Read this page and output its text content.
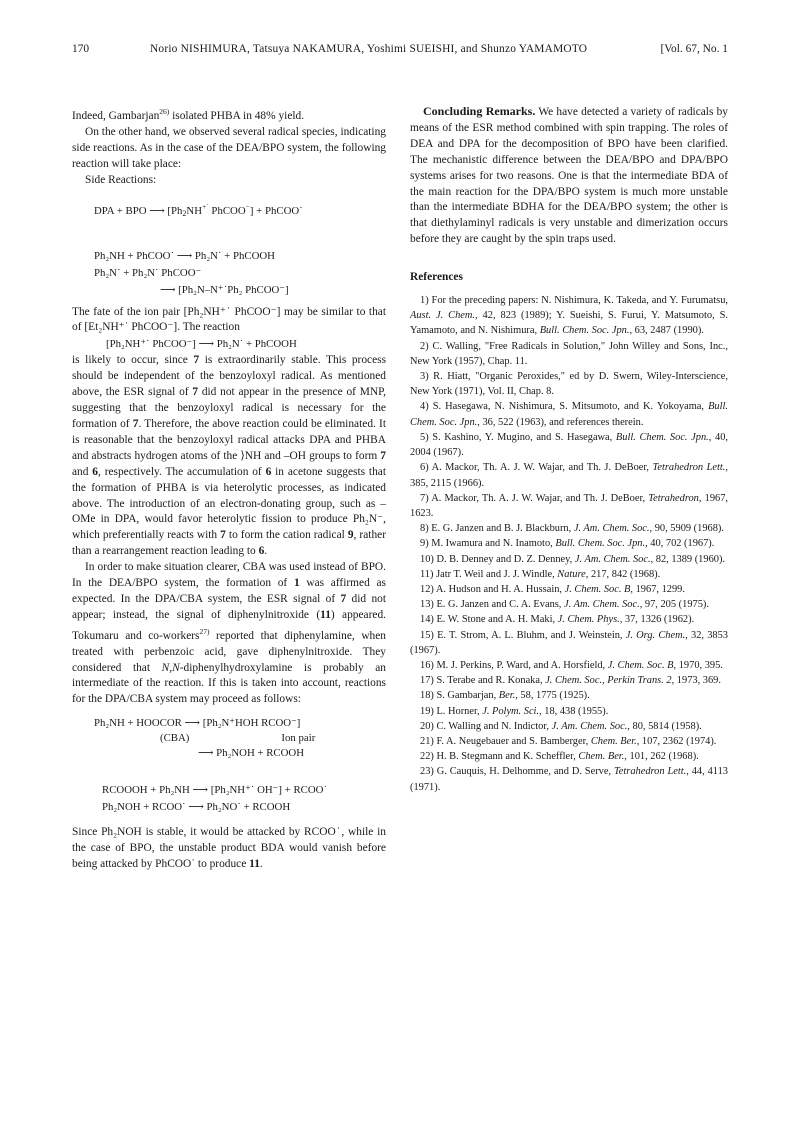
170	Norio NISHIMURA, Tatsuya NAKAMURA, Yoshimi SUEISHI, and Shunzo YAMAMOTO	[Vol. 67, No. 1
Indeed, Gambarjan$^{26)}$ isolated PHBA in 48% yield.
On the other hand, we observed several radical species, indicating side reactions. As in the case of the DEA/BPO system, the following reaction will take place:
Side Reactions:
DPA + BPO ⟶ [$Ph_2NH^{+˙}$ PhCOO−] + PhCOO˙
Ph₂NH + PhCOO˙ ⟶ Ph₂N˙ + PhCOOH
Ph₂N˙ + Ph₂N˙ PhCOO⁻
⟶ [Ph₂N–N⁺˙Ph₂ PhCOO⁻]
The fate of the ion pair [Ph₂NH⁺˙ PhCOO⁻] may be similar to that of [Et₂NH⁺˙ PhCOO⁻]. The reaction
[Ph₂NH⁺˙ PhCOO⁻] ⟶ Ph₂N˙ + PhCOOH
is likely to occur, since 7 is extraordinarily stable. This process should be independent of the benzoyloxyl radical. As mentioned above, the ESR signal of 7 did not appear in the presence of MNP, suggesting that the benzoyloxyl radical is necessary for the formation of 7. Therefore, the above reaction could be eliminated. It is reasonable that the benzoyloxyl radical attacks DPA and PHBA and abstracts hydrogen atoms of the ⟩NH and –OH groups to form 7 and 6, respectively. The accumulation of 6 in acetone suggests that the formation of PHBA is via heterolytic processes, as indicated above. The introduction of an electron-donating group, such as –OMe in DPA, would favor heterolytic fission to produce Ph₂N⁻, which preferentially reacts with 7 to form the cation radical 9, rather than a rearrangement reaction leading to 6.
In order to make situation clearer, CBA was used instead of BPO. In the DEA/BPO system, the formation of 1 was affirmed as expected. In the DPA/CBA system, the ESR signal of 7 did not appear; instead, the signal of diphenylnitroxide (11) appeared. Tokumaru and co-workers$^{27)}$ reported that diphenylamine, when treated with perbenzoic acid, gave diphenylnitroxide. They considered that N,N-diphenylhydroxylamine is probably an intermediate of the reaction. If this is taken into account, reactions for the DPA/CBA system may proceed as follows:
Ph₂NH + HOOCOR ⟶ [Ph₂N⁺HOH RCOO⁻]
(CBA)	Ion pair
⟶ Ph₂NOH + RCOOH
RCOOOH + Ph₂NH ⟶ [Ph₂NH⁺˙ OH⁻] + RCOO˙
Ph₂NOH + RCOO˙ ⟶ Ph₂NO˙ + RCOOH
Since Ph₂NOH is stable, it would be attacked by RCOO˙, while in the case of BPO, the unstable product BDA would vanish before being attacked by PhCOO˙ to produce 11.
Concluding Remarks. We have detected a variety of radicals by means of the ESR method combined with spin trapping. The roles of DEA and DPA for the decomposition of BPO have been clarified. The mechanistic difference between the DEA/BPO and DPA/BPO systems arises for two reasons. One is that the intermediate BDA of the main reaction for the DPA/BPO system is much more unstable than the intermediate BDHA for the DEA/BPO system; the other is that diethylaminyl radicals is very unstable and dimerization occurs before they are caught by the spin traps used.
References
1) For the preceding papers: N. Nishimura, K. Takeda, and Y. Furumatsu, Aust. J. Chem., 42, 823 (1989); Y. Sueishi, S. Furui, Y. Matsumoto, S. Yamamoto, and N. Nishimura, Bull. Chem. Soc. Jpn., 63, 2487 (1990).
2) C. Walling, "Free Radicals in Solution," John Willey and Sons, Inc., New York (1957), Chap. 11.
3) R. Hiatt, "Organic Peroxides," ed by D. Swern, Wiley-Interscience, New York (1971), Vol. II, Chap. 8.
4) S. Hasegawa, N. Nishimura, S. Mitsumoto, and K. Yokoyama, Bull. Chem. Soc. Jpn., 36, 522 (1963), and references therein.
5) S. Kashino, Y. Mugino, and S. Hasegawa, Bull. Chem. Soc. Jpn., 40, 2004 (1967).
6) A. Mackor, Th. A. J. W. Wajar, and Th. J. DeBoer, Tetrahedron Lett., 385, 2115 (1966).
7) A. Mackor, Th. A. J. W. Wajar, and Th. J. DeBoer, Tetrahedron, 1967, 1623.
8) E. G. Janzen and B. J. Blackburn, J. Am. Chem. Soc., 90, 5909 (1968).
9) M. Iwamura and N. Inamoto, Bull. Chem. Soc. Jpn., 40, 702 (1967).
10) D. B. Denney and D. Z. Denney, J. Am. Chem. Soc., 82, 1389 (1960).
11) Jatr T. Weil and J. J. Windle, Nature, 217, 842 (1968).
12) A. Hudson and H. A. Hussain, J. Chem. Soc. B, 1967, 1299.
13) E. G. Janzen and C. A. Evans, J. Am. Chem. Soc., 97, 205 (1975).
14) E. W. Stone and A. H. Maki, J. Chem. Phys., 37, 1326 (1962).
15) E. T. Strom, A. L. Bluhm, and J. Weinstein, J. Org. Chem., 32, 3853 (1967).
16) M. J. Perkins, P. Ward, and A. Horsfield, J. Chem. Soc. B, 1970, 395.
17) S. Terabe and R. Konaka, J. Chem. Soc., Perkin Trans. 2, 1973, 369.
18) S. Gambarjan, Ber., 58, 1775 (1925).
19) L. Horner, J. Polym. Sci., 18, 438 (1955).
20) C. Walling and N. Indictor, J. Am. Chem. Soc., 80, 5814 (1958).
21) F. A. Neugebauer and S. Bamberger, Chem. Ber., 107, 2362 (1974).
22) H. B. Stegmann and K. Scheffler, Chem. Ber., 101, 262 (1968).
23) G. Cauquis, H. Delhomme, and D. Serve, Tetrahedron Lett., 44, 4113 (1971).
